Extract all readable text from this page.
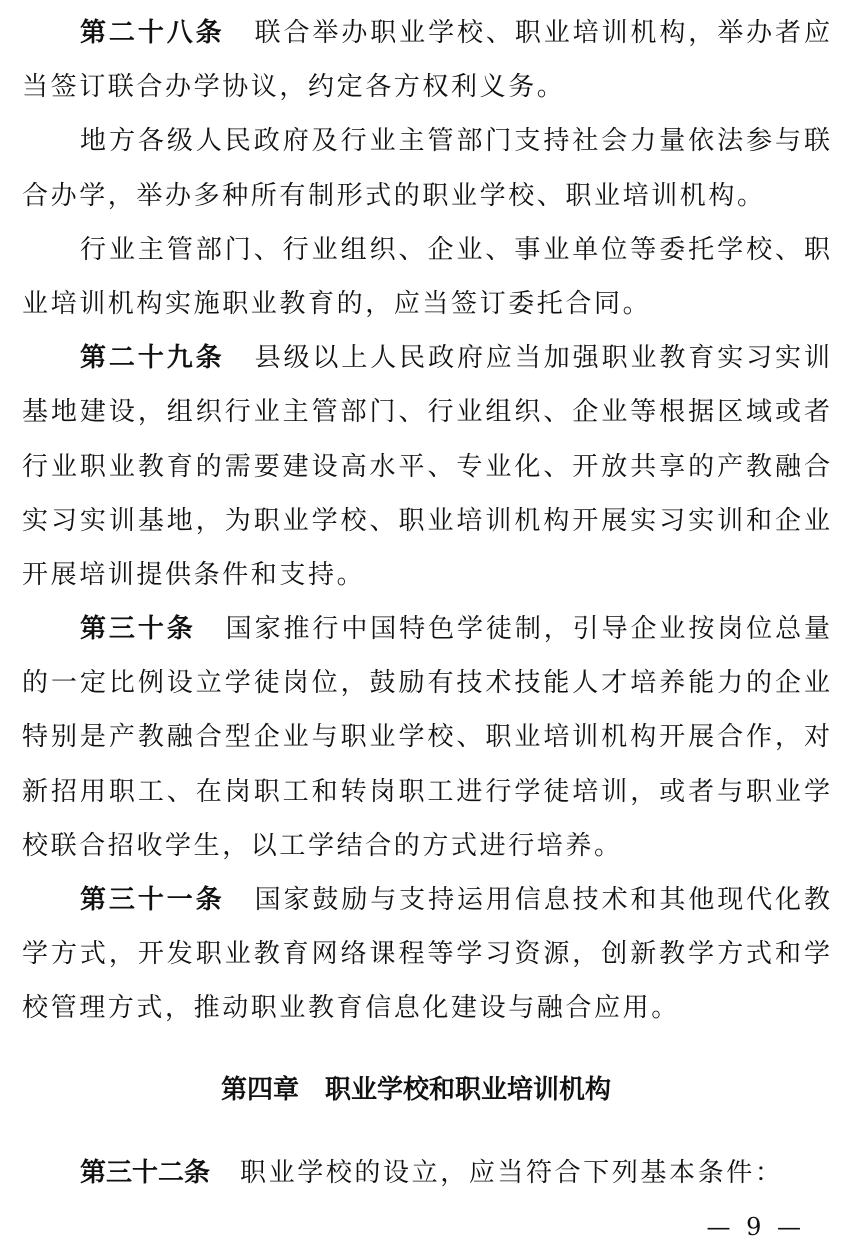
第二十八条 联合举办职业学校、职业培训机构，举办者应
当签订联合办学协议，约定各方权利义务。
地方各级人民政府及行业主管部门支持社会力量依法参与联
合办学，举办多种所有制形式的职业学校、职业培训机构。
行业主管部门、行业组织、企业、事业单位等委托学校、职
业培训机构实施职业教育的，应当签订委托合同。
第二十九条 县级以上人民政府应当加强职业教育实习实训
基地建设，组织行业主管部门、行业组织、企业等根据区域或者
行业职业教育的需要建设高水平、专业化、开放共享的产教融合
实习实训基地，为职业学校、职业培训机构开展实习实训和企业
开展培训提供条件和支持。
第三十条 国家推行中国特色学徒制，引导企业按岗位总量
的一定比例设立学徒岗位，鼓励有技术技能人才培养能力的企业
特别是产教融合型企业与职业学校、职业培训机构开展合作，对
新招用职工、在岗职工和转岗职工进行学徒培训，或者与职业学
校联合招收学生，以工学结合的方式进行培养。
第三十一条 国家鼓励与支持运用信息技术和其他现代化教
学方式，开发职业教育网络课程等学习资源，创新教学方式和学
校管理方式，推动职业教育信息化建设与融合应用。
第四章　职业学校和职业培训机构
第三十二条 职业学校的设立，应当符合下列基本条件：
— 9 —
